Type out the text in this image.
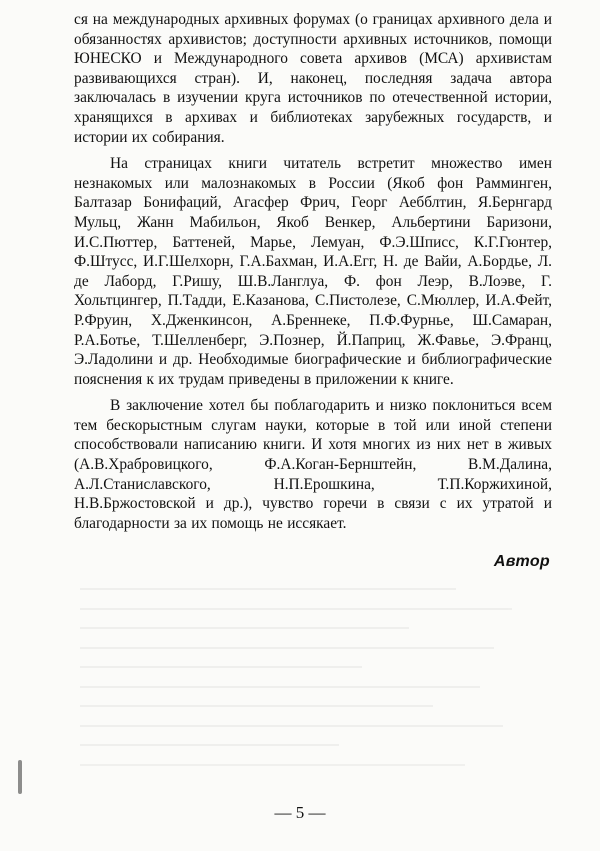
ся на международных архивных форумах (о границах архивного дела и обязанностях архивистов; доступности архивных источников, помощи ЮНЕСКО и Международного совета архивов (МСА) архивистам развивающихся стран). И, наконец, последняя задача автора заключалась в изучении круга источников по отечественной истории, хранящихся в архивах и библиотеках зарубежных государств, и истории их собирания.

На страницах книги читатель встретит множество имен незнакомых или малознакомых в России (Якоб фон Рамминген, Балтазар Бонифаций, Агасфер Фрич, Георг Аебблтин, Я.Бернгард Мульц, Жанн Мабильон, Якоб Венкер, Альбертини Баризони, И.С.Пюттер, Баттеней, Марье, Лемуан, Ф.Э.Шписс, К.Г.Гюнтер, Ф.Штусс, И.Г.Шелхорн, Г.А.Бахман, И.А.Егг, Н. де Вайи, А.Бордье, Л. де Лаборд, Г.Ришу, Ш.В.Ланглуа, Ф. фон Леэр, В.Лоэве, Г. Хольтцингер, П.Тадди, Е.Казанова, С.Пистолезе, С.Мюллер, И.А.Фейт, Р.Фруин, Х.Дженкинсон, А.Бреннеке, П.Ф.Фурнье, Ш.Самаран, Р.А.Ботье, Т.Шелленберг, Э.Познер, Й.Паприц, Ж.Фавье, Э.Франц, Э.Ладолини и др. Необходимые биографические и библиографические пояснения к их трудам приведены в приложении к книге.

В заключение хотел бы поблагодарить и низко поклониться всем тем бескорыстным слугам науки, которые в той или иной степени способствовали написанию книги. И хотя многих из них нет в живых (А.В.Храбровицкого, Ф.А.Коган-Бернштейн, В.М.Далина, А.Л.Станиславского, Н.П.Ерошкина, Т.П.Коржихиной, Н.В.Бржостовской и др.), чувство горечи в связи с их утратой и благодарности за их помощь не иссякает.

Автор
— 5 —
